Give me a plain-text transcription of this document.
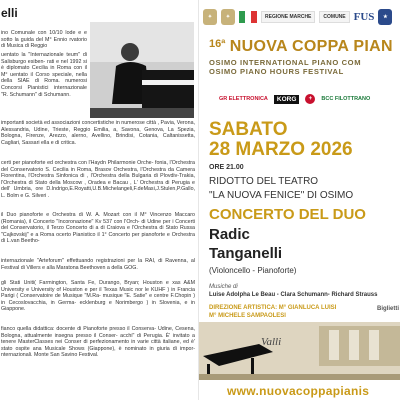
elli
ino Comunale con 10/10 lode e e sotto la guida del M° Ennio rvatorio di Musica di Reggio
uentato la "Internazionale teum" di Salisburgo esiben- rati e nel 1992 si è diplomato Cecilia in Roma con il M° uentato il Corso speciale, nella della SIAE di Roma. numerosi Concorsi Pianistici internazionale "R. Schumann" di Schumann.
importanti società ed associazioni concertistiche in numerose città , Pavia, Verona, Alessandria, Udine, Trieste, Reggio Emilia, a, Savona, Genova, La Spezia, Bologna, Firenze, Arezzo, alerno, Avellino, Brindisi, Cotania, Caltanissetta, Cagliari, Sassari ella e di critica.
certi per pianoforte ed orchestra con l'Haydn Philarmonie Orche- fonia, l'Orchestra del Conservatorio S. Cecilia in Roma, Brasov Orchestra, l'Orchestra da Camera Fiorentina, l'Orchestra Sinfonica di , l'Orchestra della Bulgaria di Plovdiv-Trakia, l'Orchestra di Stato della Moscow , Oradea e Bacau , L' Orchestra di Perugia e dell' Umbria, ore D.Indrigo,E.Royatti,U.B.Michelangeli,F.deMasi,J.Stulen,P.Gallo, L. Bolm e G. Silveri .
il Duo pianoforte e Orchestra di W. A. Mozart con il M° Vincenzo Maccaro (Romania), il Concerto "Incoronazione" Kv 537 con l'Orch- di Udine per i Concerti del Conservatorio, il Terzo Concerto di a di Craiova e l'Orchestra di Stato Russa "Cajkovskij" e a Roma ocerto Pianistico il 1° Concerto per pianoforte e Orchestra di L.van Beetho-
internazionale "Arteforum" effettuando registrazioni per la RAI, di Ravenna, al Festival di Villers e alla Maratona Beethoven a della GOG.
gli Stati Uniti( Farmington, Santa Fe, Durango, Bryan; Houston e xas A&M University e University of Houston e per il Texas Music nor le KUHF ) in Francia Parigi ( Conservatoire de Musique "M.Ra- musique "E. Satie" e centre F.Chopin ) in Cecoslovacchia, in Germa- ecklenburg e Norimbergo ) in Slovenia, e in Giappone.
fianco quella didattica: docente di Pianoforte presso il Conserva- Udine, Cesena, Bologna, attualmente insegna presso il Conser- acchi" di Perugia. È' invitato a tenere MasterClasses nei Conser di perfezionamento in varie città italiane, ed è' stato ospite ana Musicale Shows (Giappone), è nominato in giuria di impor- nternazionali. Monte San Savino Festival.
✦	✦	REGIONE MARCHE	COMUNE FUS	★
$^{16ª}$ NUOVA COPPA PIAN
OSIMO INTERNATIONAL PIANO COM
OSIMO PIANO HOURS FESTIVAL
GR ELETTRONICA	KORG	+	BCC FILOTTRANO
SABATO
28 MARZO 2026
ORE 21.00
RIDOTTO DEL TEATRO
"LA NUOVA FENICE" DI OSIMO
CONCERTO DEL DUO
Radic
Tanganelli
(Violoncello - Pianoforte)
Musiche di
Luise Adolpha Le Beau - Clara Schumann- Richard Strauss
DIREZIONE ARTISTICA: M° GIANLUCA LUISI
M° MICHELE SAMPAOLESI
Biglietti
Valli
www.nuovacoppapianis
